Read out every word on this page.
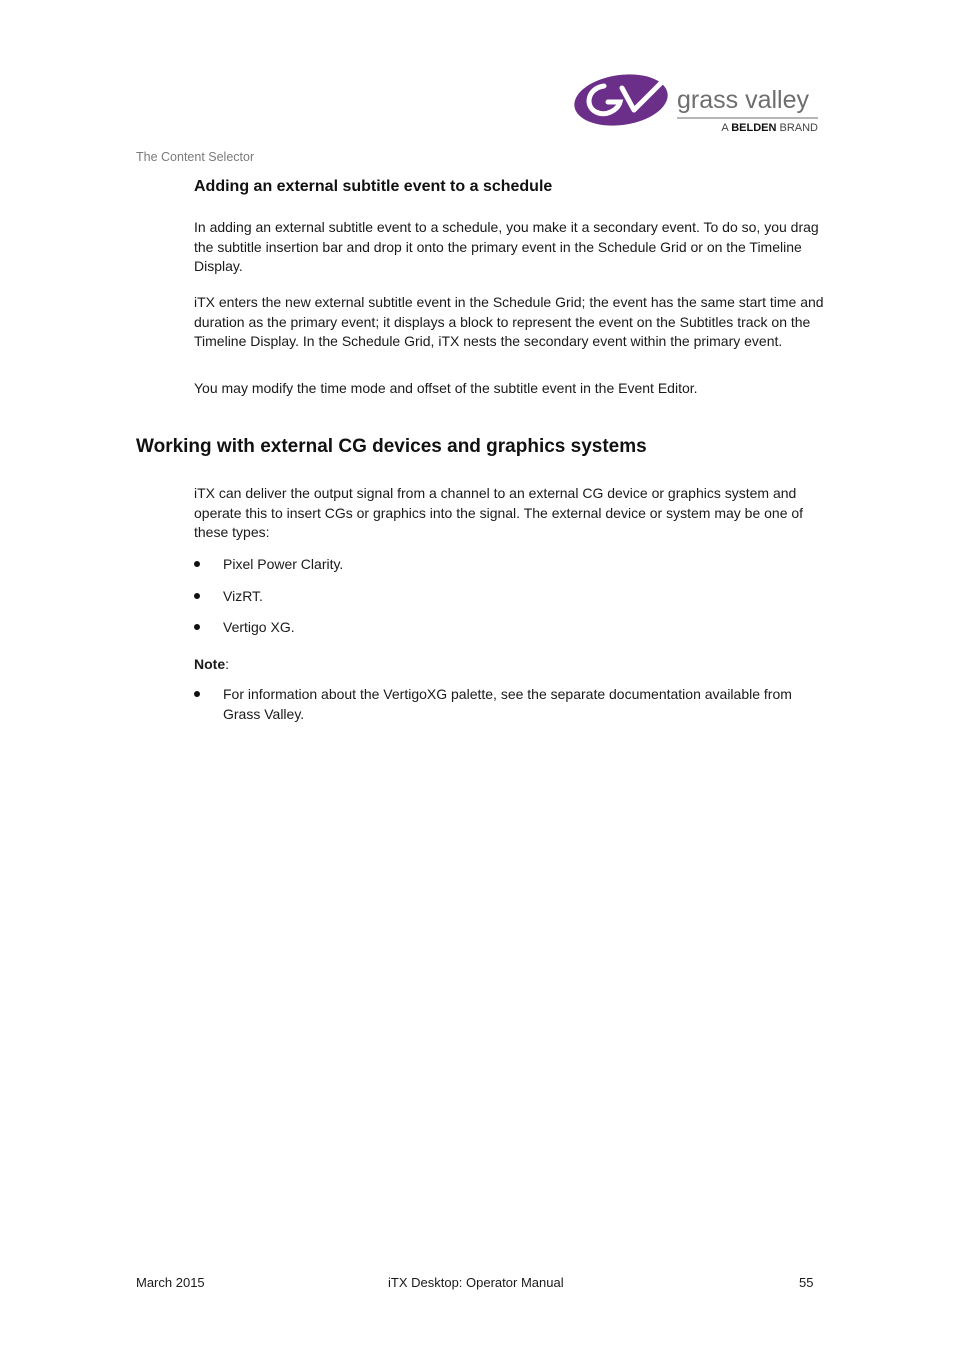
grass valley
A BELDEN BRAND
The Content Selector
Adding an external subtitle event to a schedule

In adding an external subtitle event to a schedule, you make it a secondary event. To do so, you drag the subtitle insertion bar and drop it onto the primary event in the Schedule Grid or on the Timeline Display.

iTX enters the new external subtitle event in the Schedule Grid; the event has the same start time and duration as the primary event; it displays a block to represent the event on the Subtitles track on the Timeline Display. In the Schedule Grid, iTX nests the secondary event within the primary event.

You may modify the time mode and offset of the subtitle event in the Event Editor.

Working with external CG devices and graphics systems

iTX can deliver the output signal from a channel to an external CG device or graphics system and operate this to insert CGs or graphics into the signal. The external device or system may be one of these types:

Pixel Power Clarity.
VizRT.
Vertigo XG.
Note:
For information about the VertigoXG palette, see the separate documentation available from Grass Valley.
March 2015	iTX Desktop: Operator Manual	55
